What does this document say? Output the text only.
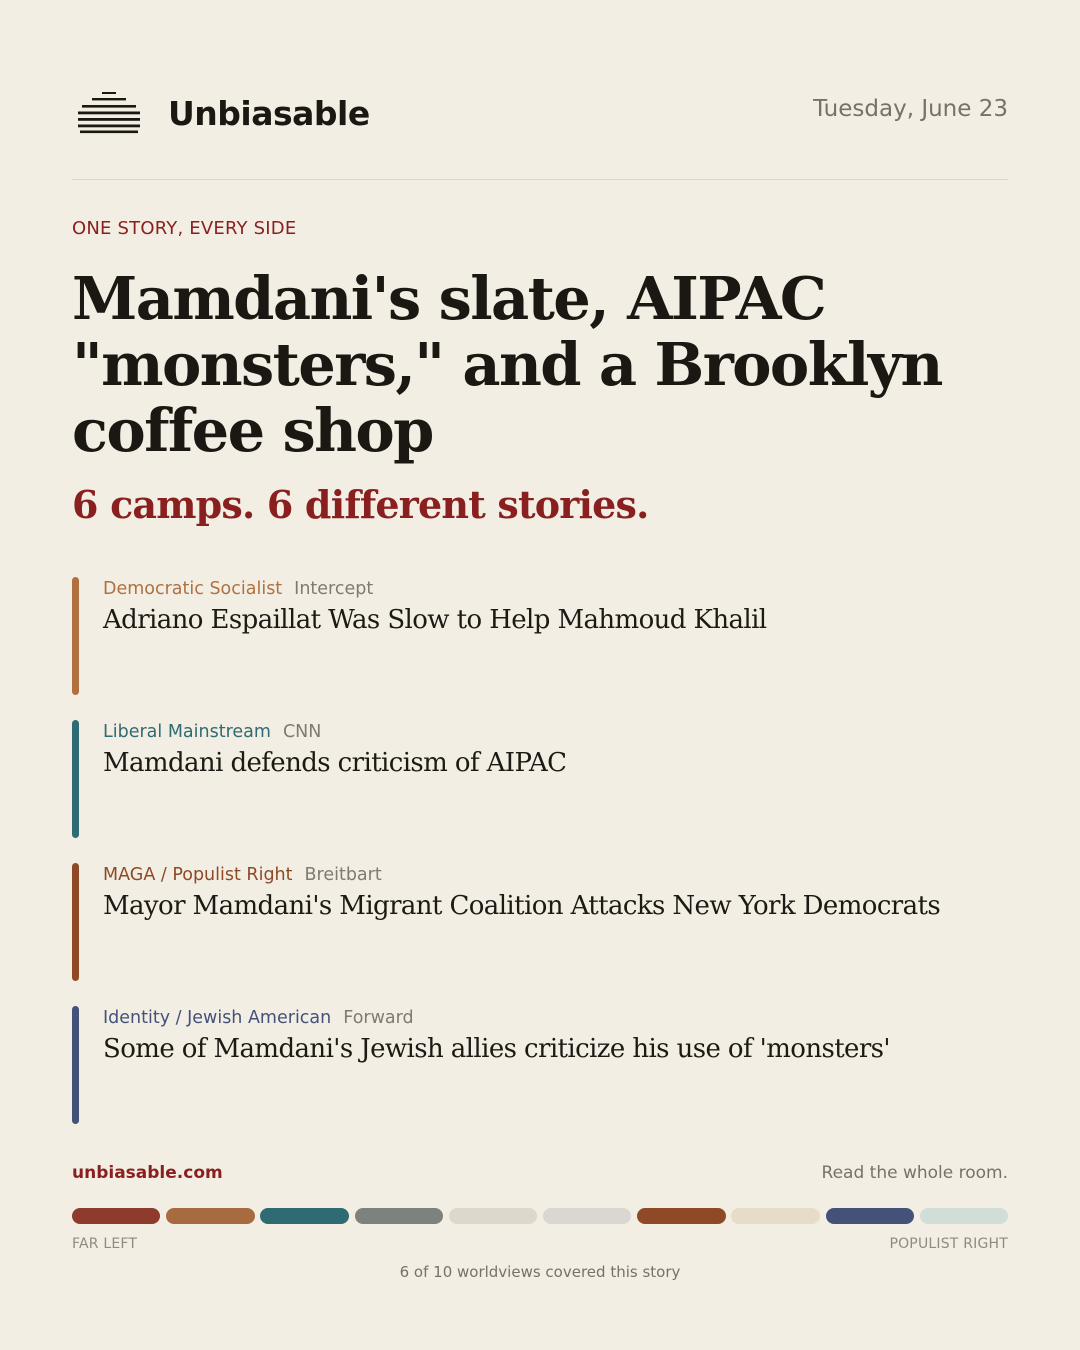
Unbiasable	Tuesday, June 23
ONE STORY, EVERY SIDE
Mamdani's slate, AIPAC "monsters," and a Brooklyn coffee shop
6 camps. 6 different stories.
Democratic Socialist Intercept
Adriano Espaillat Was Slow to Help Mahmoud Khalil
Liberal Mainstream CNN
Mamdani defends criticism of AIPAC
MAGA / Populist Right Breitbart
Mayor Mamdani's Migrant Coalition Attacks New York Democrats
Identity / Jewish American Forward
Some of Mamdani's Jewish allies criticize his use of 'monsters'
unbiasable.com	Read the whole room.
FAR LEFT	POPULIST RIGHT
6 of 10 worldviews covered this story
